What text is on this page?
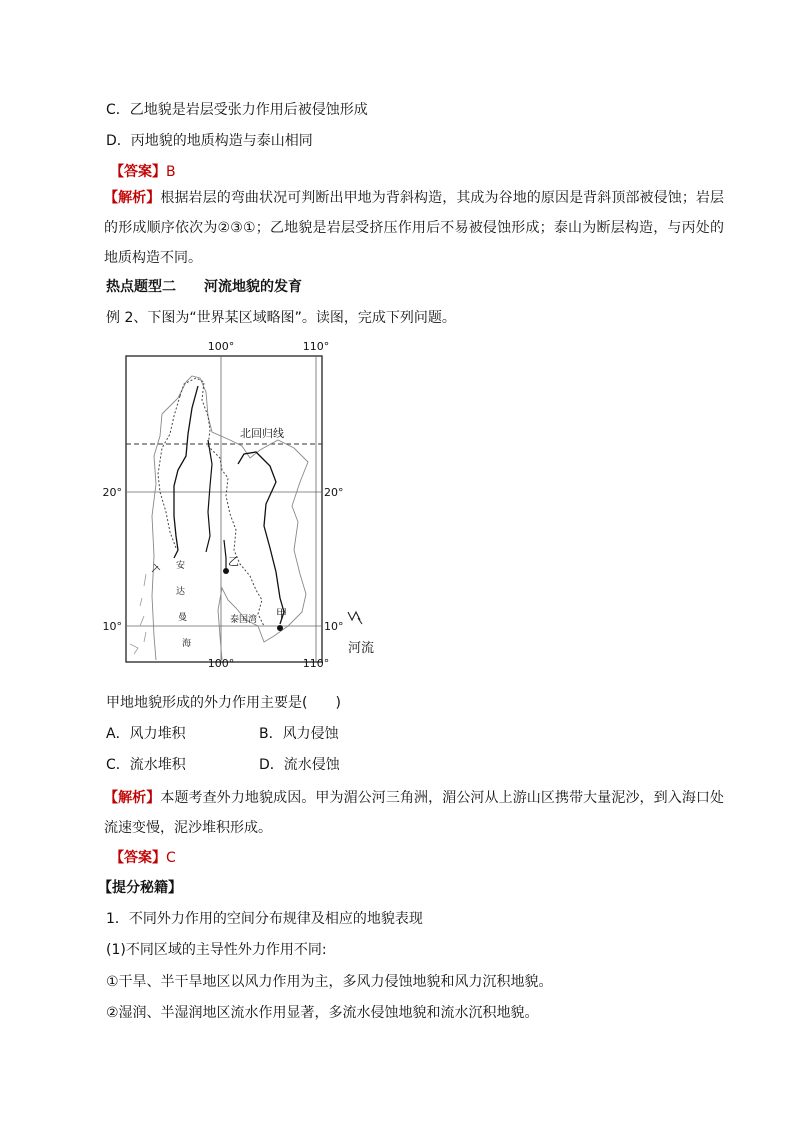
C．乙地貌是岩层受张力作用后被侵蚀形成
D．丙地貌的地质构造与泰山相同
【答案】B
【解析】根据岩层的弯曲状况可判断出甲地为背斜构造，其成为谷地的原因是背斜顶部被侵蚀；岩层的形成顺序依次为②③①；乙地貌是岩层受挤压作用后不易被侵蚀形成；泰山为断层构造，与丙处的地质构造不同。
热点题型二　　河流地貌的发育
例 2、下图为“世界某区域略图”。读图，完成下列问题。
100°	110°
100°	110°
20°	20°
10°	10°
北回归线
乙
甲
安
达
曼
海
泰国湾
河流
甲地地貌形成的外力作用主要是(　　)
A．风力堆积	B．风力侵蚀
C．流水堆积	D．流水侵蚀
【解析】本题考查外力地貌成因。甲为湄公河三角洲，湄公河从上游山区携带大量泥沙，到入海口处流速变慢，泥沙堆积形成。
【答案】C
【提分秘籍】
1．不同外力作用的空间分布规律及相应的地貌表现
(1)不同区域的主导性外力作用不同:
①干旱、半干旱地区以风力作用为主，多风力侵蚀地貌和风力沉积地貌。
②湿润、半湿润地区流水作用显著，多流水侵蚀地貌和流水沉积地貌。
